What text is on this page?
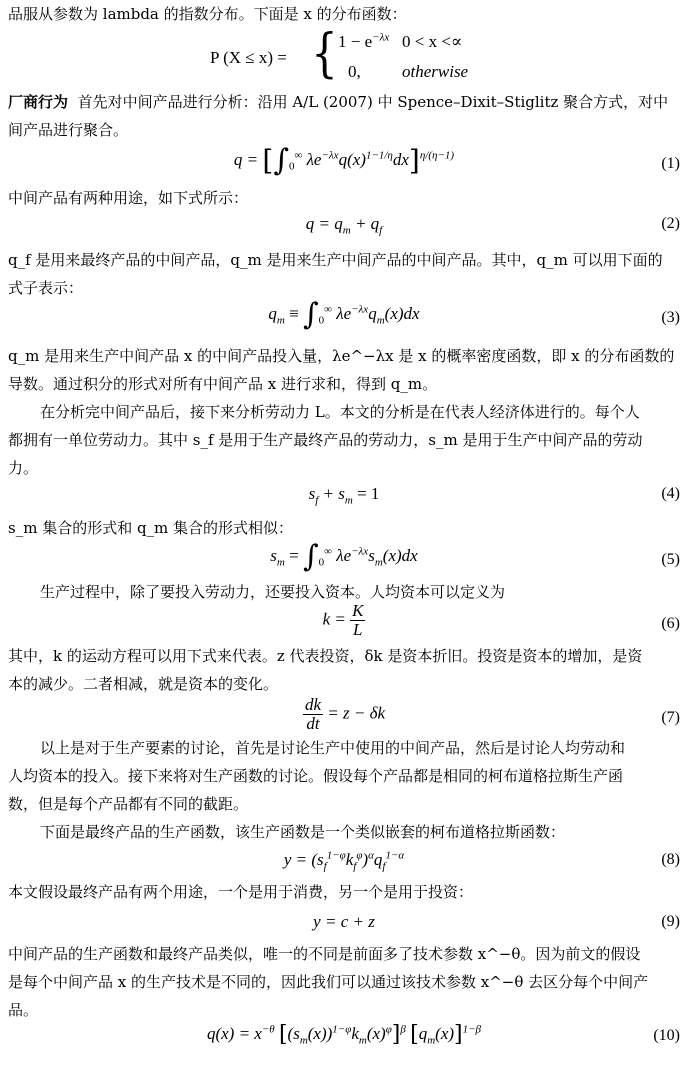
品服从参数为 lambda 的指数分布。下面是 x 的分布函数：
P (X ≤ x) = { $1 - e^{-\lambda x}$ 0 < x <∝
0, otherwise
厂商行为 首先对中间产品进行分析：沿用 A/L (2007) 中 Spence–Dixit–Stiglitz 聚合方式，对中
间产品进行聚合。
$q = [\int_0^\infty$ $\lambda e^{-\lambda x}q(x)^{1-1/\eta}dx]^{\eta/(\eta-1)}$	(1)
中间产品有两种用途，如下式所示：
$q = q_m + q_f$	(2)
q_f 是用来最终产品的中间产品，q_m 是用来生产中间产品的中间产品。其中，q_m 可以用下面的
式子表示：
$q_m \equiv \int_0^\infty$ $\lambda e^{-\lambda x}q_m(x)dx$	(3)
q_m 是用来生产中间产品 x 的中间产品投入量，λe^−λx 是 x 的概率密度函数，即 x 的分布函数的
导数。通过积分的形式对所有中间产品 x 进行求和，得到 q_m。
在分析完中间产品后，接下来分析劳动力 L。本文的分析是在代表人经济体进行的。每个人
都拥有一单位劳动力。其中 s_f 是用于生产最终产品的劳动力，s_m 是用于生产中间产品的劳动
力。
$s_f + s_m = 1$	(4)
s_m 集合的形式和 q_m 集合的形式相似：
$s_m = \int_0^\infty$ $\lambda e^{-\lambda x}s_m(x)dx$	(5)
生产过程中，除了要投入劳动力，还要投入资本。人均资本可以定义为
$k = \frac{K}{L}$	(6)
其中，k 的运动方程可以用下式来代表。z 代表投资，δk 是资本折旧。投资是资本的增加，是资
本的减少。二者相减，就是资本的变化。
$\frac{dk}{dt} = z - \delta k$	(7)
以上是对于生产要素的讨论，首先是讨论生产中使用的中间产品，然后是讨论人均劳动和
人均资本的投入。接下来将对生产函数的讨论。假设每个产品都是相同的柯布道格拉斯生产函
数，但是每个产品都有不同的截距。
下面是最终产品的生产函数，该生产函数是一个类似嵌套的柯布道格拉斯函数：
$y = (s_f^{1-\varphi}k_f^\varphi)^\alpha q_f^{1-\alpha}$	(8)
本文假设最终产品有两个用途，一个是用于消费，另一个是用于投资：
y = c + z	(9)
中间产品的生产函数和最终产品类似，唯一的不同是前面多了技术参数 x^−θ。因为前文的假设
是每个中间产品 x 的生产技术是不同的，因此我们可以通过该技术参数 x^−θ 去区分每个中间产
品。
$q(x) = x^{-\theta}$ $[(s_m(x))^{1-\varphi}k_m(x)^\varphi]^\beta$ $[q_m(x)]^{1-\beta}$	(10)
